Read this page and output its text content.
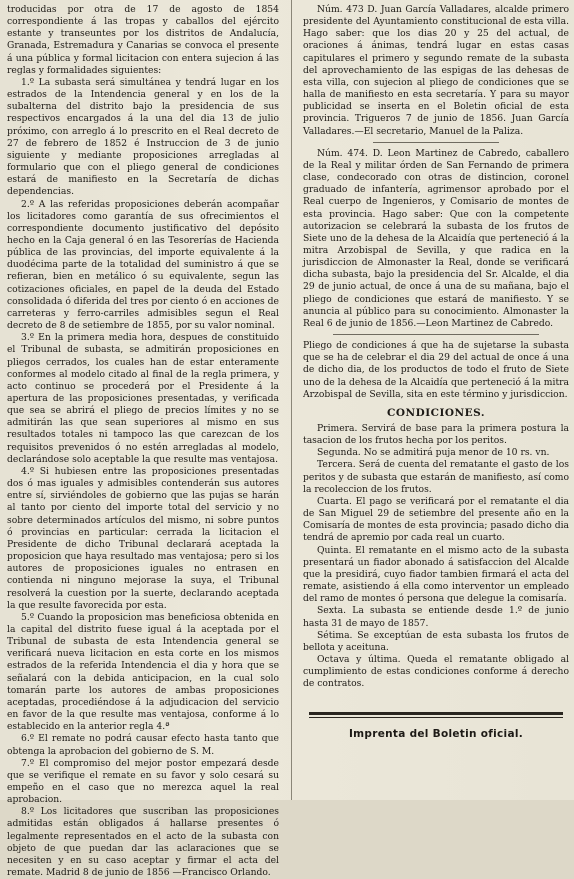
troducidas por otra de 17 de agosto de 1854 correspondiente á las tropas y caballos del ejército estante y transeuntes por los distritos de Andalucía, Granada, Estremadura y Canarias se convoca el presente á una pública y formal licitacion con entera sujecion á las reglas y formalidades siguientes:

1.º La subasta será simultánea y tendrá lugar en los estrados de la Intendencia general y en los de la subalterna del distrito bajo la presidencia de sus respectivos encargados á la una del dia 13 de julio próximo, con arreglo á lo prescrito en el Real decreto de 27 de febrero de 1852 é Instruccion de 3 de junio siguiente y mediante proposiciones arregladas al formulario que con el pliego general de condiciones estará de manifiesto en la Secretaría de dichas dependencias.

2.º A las referidas proposiciones deberán acompañar los licitadores como garantía de sus ofrecimientos el correspondiente documento justificativo del depósito hecho en la Caja general ó en las Tesorerías de Hacienda pública de las provincias, del importe equivalente á la duodécima parte de la totalidad del suministro á que se refieran, bien en metálico ó su equivalente, segun las cotizaciones oficiales, en papel de la deuda del Estado consolidada ó diferida del tres por ciento ó en acciones de carreteras y ferro-carriles admisibles segun el Real decreto de 8 de setiembre de 1855, por su valor nominal.

3.º En la primera media hora, despues de constituido el Tribunal de subasta, se admitirán proposiciones en pliegos cerrados, los cuales han de estar enteramente conformes al modelo citado al final de la regla primera, y acto continuo se procederá por el Presidente á la apertura de las proposiciones presentadas, y verificada que sea se abrirá el pliego de precios límites y no se admitirán las que sean superiores al mismo en sus resultados totales ni tampoco las que carezcan de los requisitos prevenidos ó no estén arregladas al modelo, declarándose solo aceptable la que resulte mas ventajosa.

4.º Si hubiesen entre las proposiciones presentadas dos ó mas iguales y admisibles contenderán sus autores entre sí, sirviéndoles de gobierno que las pujas se harán al tanto por ciento del importe total del servicio y no sobre determinados artículos del mismo, ni sobre puntos ó provincias en particular: cerrada la licitacion el Presidente de dicho Tribunal declarará aceptada la proposicion que haya resultado mas ventajosa; pero si los autores de proposiciones iguales no entrasen en contienda ni ninguno mejorase la suya, el Tribunal resolverá la cuestion por la suerte, declarando aceptada la que resulte favorecida por esta.

5.º Cuando la proposicion mas beneficiosa obtenida en la capital del distrito fuese igual á la aceptada por el Tribunal de subasta de esta Intendencia general se verificará nueva licitacion en esta corte en los mismos estrados de la referida Intendencia el dia y hora que se señalará con la debida anticipacion, en la cual solo tomarán parte los autores de ambas proposiciones aceptadas, procediéndose á la adjudicacion del servicio en favor de la que resulte mas ventajosa, conforme á lo establecido en la anterior regla 4.ª

6.º El remate no podrá causar efecto hasta tanto que obtenga la aprobacion del gobierno de S. M.

7.º El compromiso del mejor postor empezará desde que se verifique el remate en su favor y solo cesará su empeño en el caso que no merezca aquel la real aprobacion.

8.º Los licitadores que suscriban las proposiciones admitidas están obligados á hallarse presentes ó legalmente representados en el acto de la subasta con objeto de que puedan dar las aclaraciones que se necesiten y en su caso aceptar y firmar el acta del remate. Madrid 8 de junio de 1856 —Francisco Orlando.

Núm. 473 D. Juan García Valladares, alcalde primero presidente del Ayuntamiento constitucional de esta villa. Hago saber: que los dias 20 y 25 del actual, de oraciones á ánimas, tendrá lugar en estas casas capitulares el primero y segundo remate de la subasta del aprovechamiento de las espigas de las dehesas de esta villa, con sujecion al pliego de condiciones que se halla de manifiesto en esta secretaría. Y para su mayor publicidad se inserta en el Boletin oficial de esta provincia. Trigueros 7 de junio de 1856. Juan García Valladares.—El secretario, Manuel de la Paliza.

Núm. 474. D. Leon Martinez de Cabredo, caballero de la Real y militar órden de San Fernando de primera clase, condecorado con otras de distincion, coronel graduado de infantería, agrimensor aprobado por el Real cuerpo de Ingenieros, y Comisario de montes de esta provincia. Hago saber: Que con la competente autorizacion se celebrará la subasta de los frutos de Siete uno de la dehesa de la Alcaidía que perteneció á la mitra Arzobispal de Sevilla, y que radica en la jurisdiccion de Almonaster la Real, donde se verificará dicha subasta, bajo la presidencia del Sr. Alcalde, el dia 29 de junio actual, de once á una de su mañana, bajo el pliego de condiciones que estará de manifiesto. Y se anuncia al público para su conocimiento. Almonaster la Real 6 de junio de 1856.—Leon Martinez de Cabredo.

Pliego de condiciones á que ha de sujetarse la subasta que se ha de celebrar el dia 29 del actual de once á una de dicho dia, de los productos de todo el fruto de Siete uno de la dehesa de la Alcaidía que perteneció á la mitra Arzobispal de Sevilla, sita en este término y jurisdiccion.

CONDICIONES.

Primera. Servirá de base para la primera postura la tasacion de los frutos hecha por los peritos.

Segunda. No se admitirá puja menor de 10 rs. vn.

Tercera. Será de cuenta del rematante el gasto de los peritos y de subasta que estarán de manifiesto, así como la recoleccion de los frutos.

Cuarta. El pago se verificará por el rematante el dia de San Miguel 29 de setiembre del presente año en la Comisaría de montes de esta provincia; pasado dicho dia tendrá de apremio por cada real un cuarto.

Quinta. El rematante en el mismo acto de la subasta presentará un fiador abonado á satisfaccion del Alcalde que la presidirá, cuyo fiador tambien firmará el acta del remate, asistiendo á ella como interventor un empleado del ramo de montes ó persona que delegue la comisaría.

Sexta. La subasta se entiende desde 1.º de junio hasta 31 de mayo de 1857.

Sétima. Se exceptúan de esta subasta los frutos de bellota y aceituna.

Octava y última. Queda el rematante obligado al cumplimiento de estas condiciones conforme á derecho de contratos.

Imprenta del Boletin oficial.
